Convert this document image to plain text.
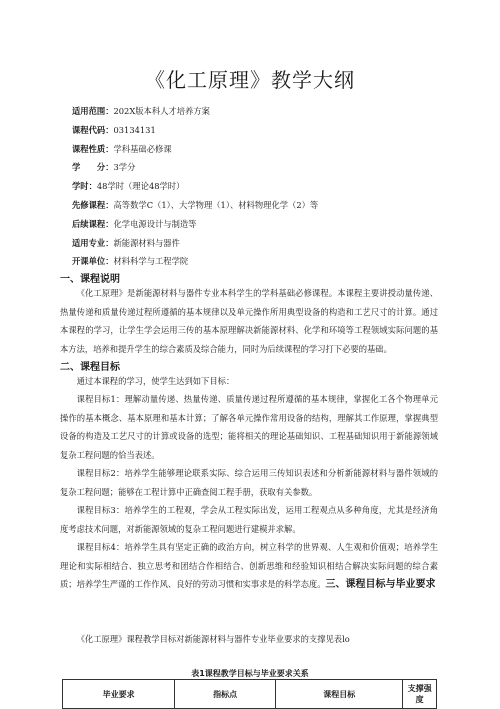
《化工原理》教学大纲
适用范围：202X版本科人才培养方案
课程代码：03134131
课程性质：学科基础必修课
学　　分：3学分
学时：48学时（理论48学时）
先修课程：高等数学C（1）、大学物理（1）、材料物理化学（2）等
后续课程：化学电源设计与制造等
适用专业：新能源材料与器件
开课单位：材料科学与工程学院
一、课程说明

《化工原理》是新能源材料与器件专业本科学生的学科基础必修课程。本课程主要讲授动量传递、热量传递和质量传递过程所遵循的基本规律以及单元操作所用典型设备的构造和工艺尺寸的计算。通过本课程的学习，让学生学会运用三传的基本原理解决新能源材料、化学和环境等工程领域实际问题的基本方法，培养和提升学生的综合素质及综合能力，同时为后续课程的学习打下必要的基础。

二、课程目标

通过本课程的学习，使学生达到如下目标：

课程目标1：理解动量传递、热量传递、质量传递过程所遵循的基本规律，掌握化工各个物理单元操作的基本概念、基本原理和基本计算；了解各单元操作常用设备的结构，理解其工作原理，掌握典型设备的构造及工艺尺寸的计算或设备的选型；能将相关的理论基础知识、工程基础知识用于新能源领域复杂工程问题的恰当表述。

课程目标2：培养学生能够理论联系实际、综合运用三传知识表述和分析新能源材料与器件领域的复杂工程问题；能够在工程计算中正确查阅工程手册，获取有关参数。

课程目标3：培养学生的工程观，学会从工程实际出发，运用工程观点从多种角度，尤其是经济角度考虑技术问题，对新能源领域的复杂工程问题进行建模并求解。

课程目标4：培养学生具有坚定正确的政治方向，树立科学的世界观、人生观和价值观；培养学生理论和实际相结合、独立思考和团结合作相结合、创新思维和经验知识相结合解决实际问题的综合素质；培养学生严谨的工作作风、良好的劳动习惯和实事求是的科学态度。三、课程目标与毕业要求

《化工原理》课程教学目标对新能源材料与器件专业毕业要求的支撑见表lo

表1课程教学目标与毕业要求关系
毕业要求	指标点	课程目标	支撑强度
